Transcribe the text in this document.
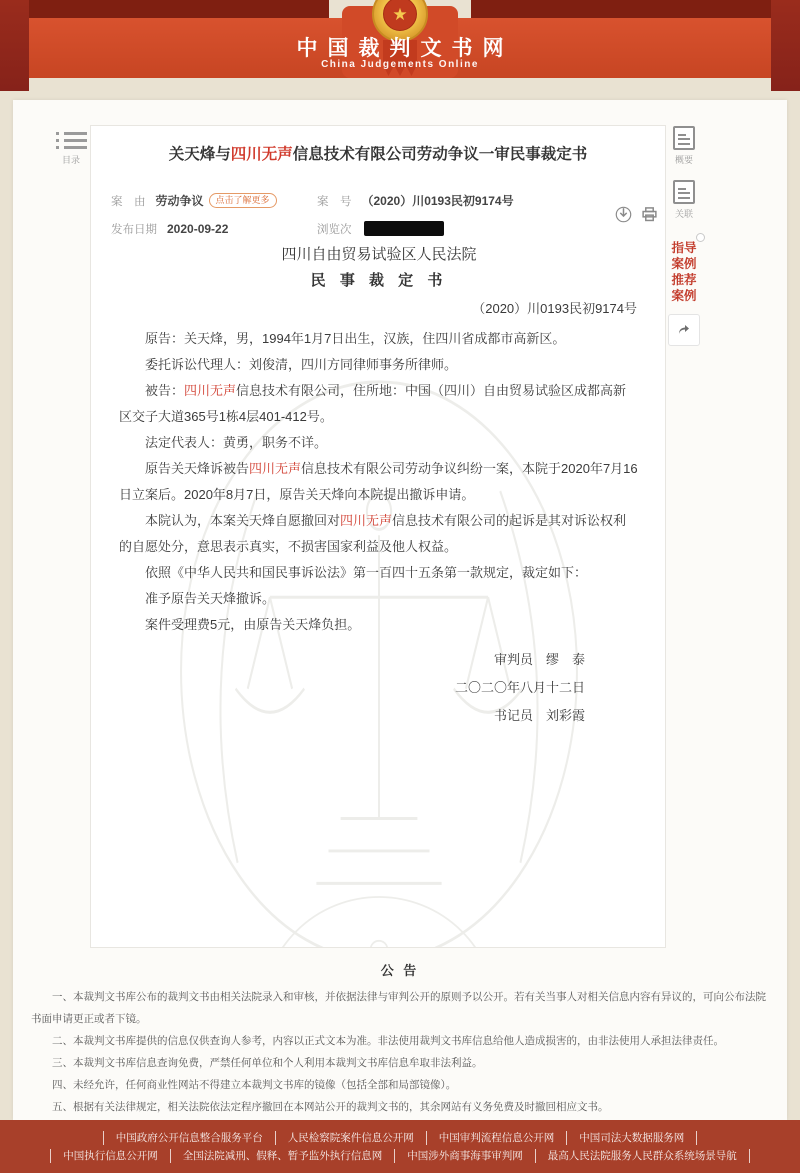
★
中国裁判文书网
China Judgements Online
目录	概要
关联
指导
案例
推荐
案例
关天烽与四川无声信息技术有限公司劳动争议一审民事裁定书
案　由 劳动争议 点击了解更多	案　号 （2020）川0193民初9174号
发布日期 2020-09-22	浏览次
四川自由贸易试验区人民法院
民 事 裁 定 书
（2020）川0193民初9174号

原告：关天烽，男，1994年1月7日出生，汉族，住四川省成都市高新区。

委托诉讼代理人：刘俊清，四川方同律师事务所律师。

被告：四川无声信息技术有限公司，住所地：中国（四川）自由贸易试验区成都高新区交子大道365号1栋4层401-412号。

法定代表人：黄勇，职务不详。

原告关天烽诉被告四川无声信息技术有限公司劳动争议纠纷一案，本院于2020年7月16日立案后。2020年8月7日，原告关天烽向本院提出撤诉申请。

本院认为，本案关天烽自愿撤回对四川无声信息技术有限公司的起诉是其对诉讼权利的自愿处分，意思表示真实，不损害国家利益及他人权益。

依照《中华人民共和国民事诉讼法》第一百四十五条第一款规定，裁定如下：

准予原告关天烽撤诉。

案件受理费5元，由原告关天烽负担。

审判员　缪　泰
二〇二〇年八月十二日
书记员　刘彩霞
公 告

一、本裁判文书库公布的裁判文书由相关法院录入和审核，并依据法律与审判公开的原则予以公开。若有关当事人对相关信息内容有异议的，可向公布法院书面申请更正或者下镜。

二、本裁判文书库提供的信息仅供查询人参考，内容以正式文本为准。非法使用裁判文书库信息给他人造成损害的，由非法使用人承担法律责任。

三、本裁判文书库信息查询免费，严禁任何单位和个人利用本裁判文书库信息牟取非法利益。

四、未经允许，任何商业性网站不得建立本裁判文书库的镜像（包括全部和局部镜像）。

五、根据有关法律规定，相关法院依法定程序撤回在本网站公开的裁判文书的，其余网站有义务免费及时撤回相应文书。

中国政府公开信息整合服务平台	人民检察院案件信息公开网	中国审判流程信息公开网	中国司法大数据服务网
中国执行信息公开网	全国法院减刑、假释、暂予监外执行信息网	中国涉外商事海事审判网	最高人民法院服务人民群众系统场景导航
